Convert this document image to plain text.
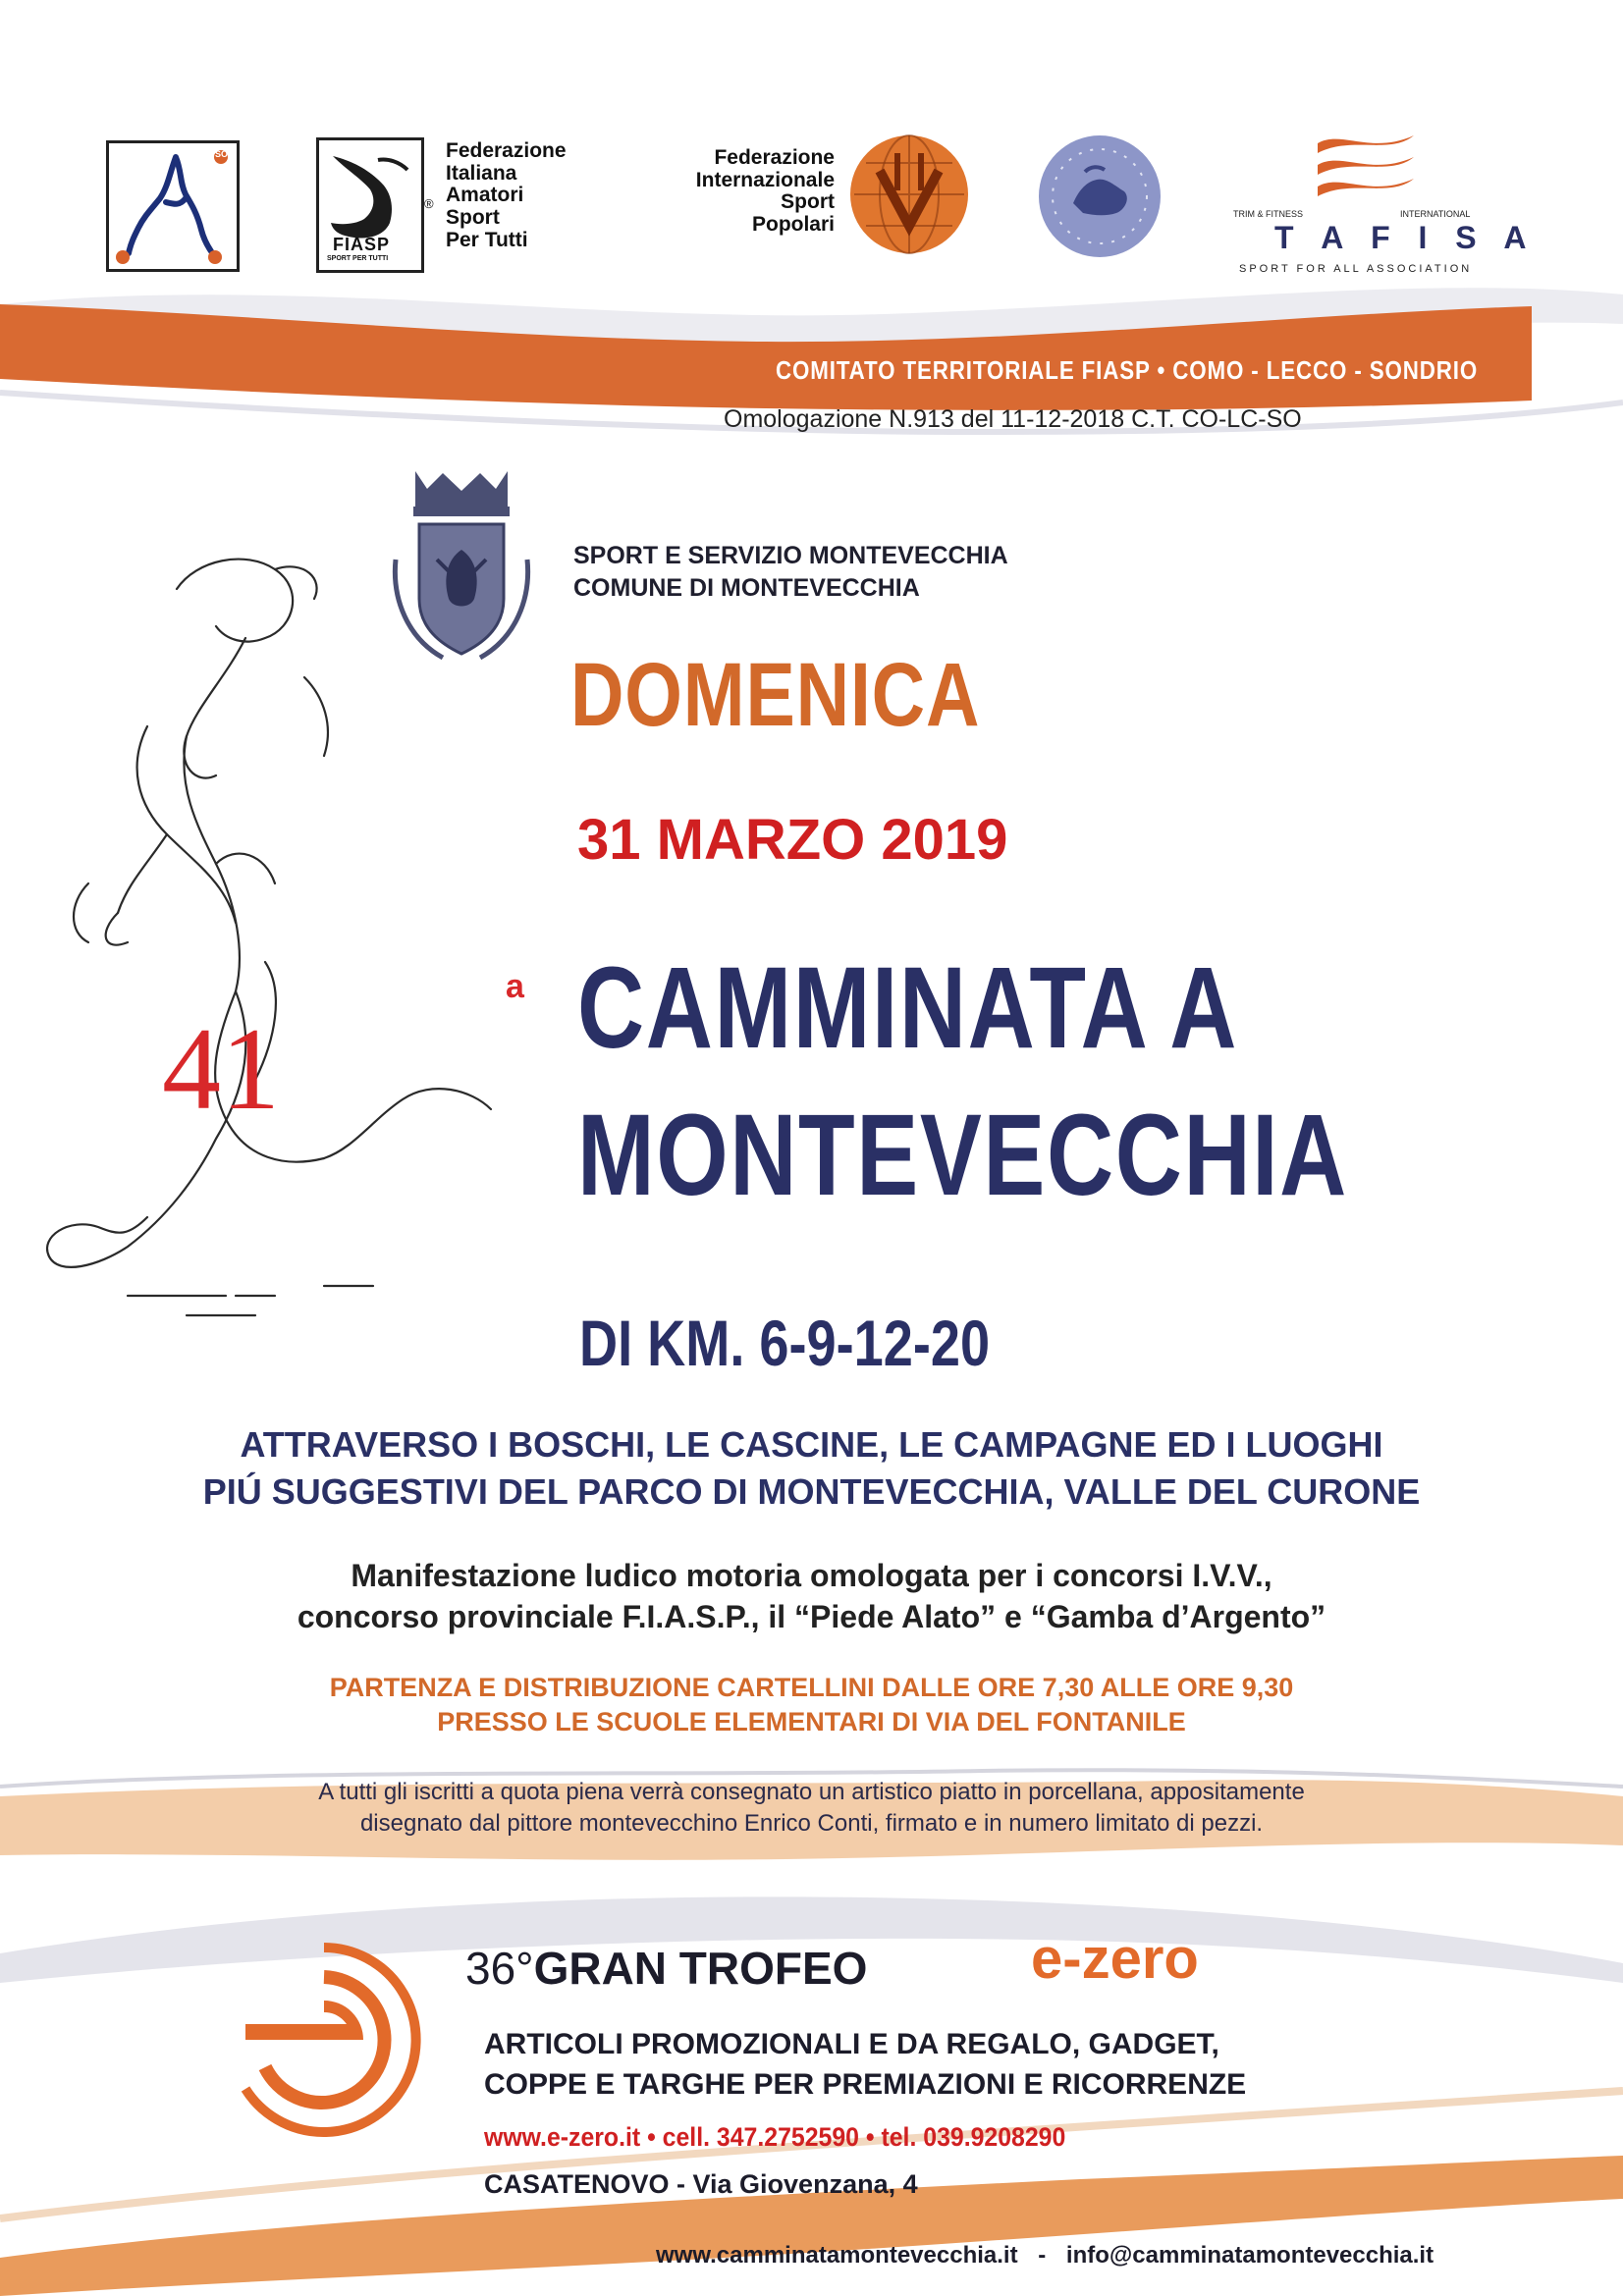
SO
FIASP
SPORT PER TUTTI
®
Federazione
Italiana
Amatori
Sport
Per Tutti
Federazione
Internazionale
Sport
Popolari	TRIM & FITNESS	INTERNATIONAL
T A F I S A
SPORT FOR ALL ASSOCIATION
COMITATO TERRITORIALE FIASP • COMO - LECCO - SONDRIO
Omologazione N.913 del 11-12-2018 C.T. CO-LC-SO
SPORT E SERVIZIO MONTEVECCHIA
COMUNE DI MONTEVECCHIA
DOMENICA
31 MARZO 2019
41
a CAMMINATA A
MONTEVECCHIA
DI KM. 6-9-12-20
ATTRAVERSO I BOSCHI, LE CASCINE, LE CAMPAGNE ED I LUOGHI
PIÚ SUGGESTIVI DEL PARCO DI MONTEVECCHIA, VALLE DEL CURONE
Manifestazione ludico motoria omologata per i concorsi I.V.V.,
concorso provinciale F.I.A.S.P., il “Piede Alato” e “Gamba d’Argento”
PARTENZA E DISTRIBUZIONE CARTELLINI DALLE ORE 7,30 ALLE ORE 9,30
PRESSO LE SCUOLE ELEMENTARI DI VIA DEL FONTANILE
A tutti gli iscritti a quota piena verrà consegnato un artistico piatto in porcellana, appositamente
disegnato dal pittore montevecchino Enrico Conti, firmato e in numero limitato di pezzi.
36°GRAN TROFEO	e-zero
ARTICOLI PROMOZIONALI E DA REGALO, GADGET,
COPPE E TARGHE PER PREMIAZIONI E RICORRENZE
www.e-zero.it • cell. 347.2752590 • tel. 039.9208290
CASATENOVO - Via Giovenzana, 4
www.camminatamontevecchia.it - info@camminatamontevecchia.it
